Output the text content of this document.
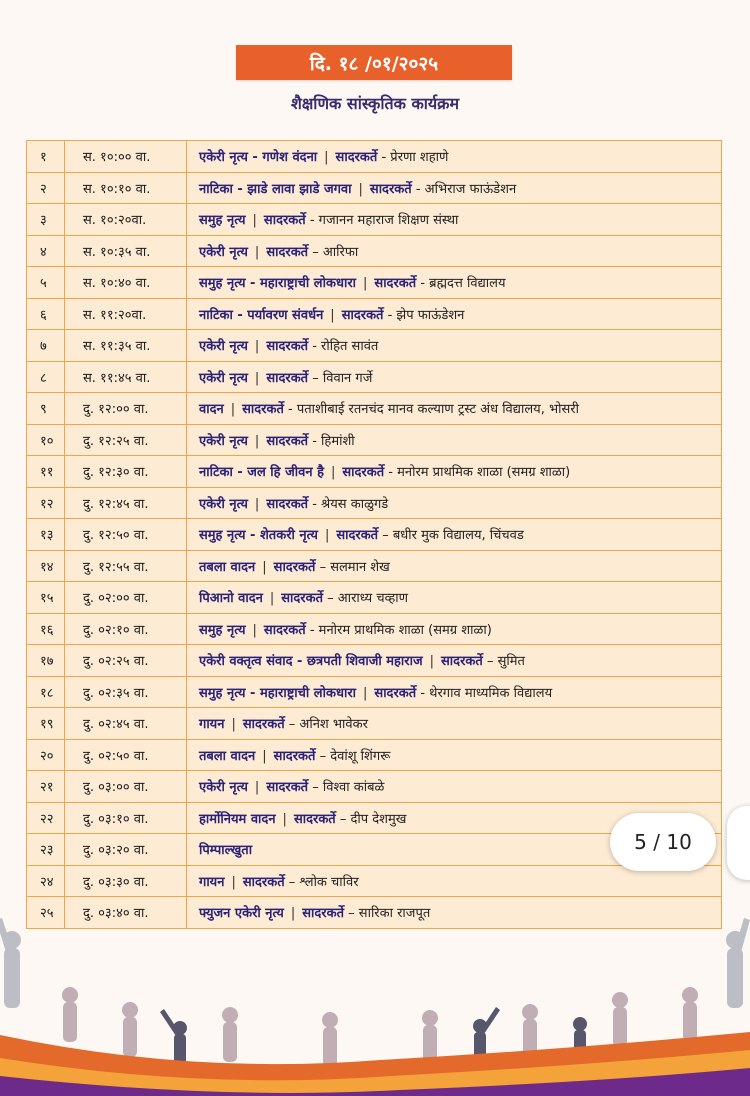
दि. १८ /०१/२०२५
शैक्षणिक सांस्कृतिक कार्यक्रम
१	स. १०:०० वा.	एकेरी नृत्य - गणेश वंदना | सादरकर्ते - प्रेरणा शहाणे
२	स. १०:१० वा.	नाटिका - झाडे लावा झाडे जगवा | सादरकर्ते - अभिराज फाऊंडेशन
३	स. १०:२०वा.	समुह नृत्य | सादरकर्ते - गजानन महाराज शिक्षण संस्था
४	स. १०:३५ वा.	एकेरी नृत्य | सादरकर्ते – आरिफा
५	स. १०:४० वा.	समुह नृत्य - महाराष्ट्राची लोकधारा | सादरकर्ते - ब्रह्मदत्त विद्यालय
६	स. ११:२०वा.	नाटिका - पर्यावरण संवर्धन | सादरकर्ते - झेप फाऊंडेशन
७	स. ११:३५ वा.	एकेरी नृत्य | सादरकर्ते - रोहित सावंत
८	स. ११:४५ वा.	एकेरी नृत्य | सादरकर्ते – विवान गर्जे
९	दु. १२:०० वा.	वादन | सादरकर्ते - पताशीबाई रतनचंद मानव कल्याण ट्रस्ट अंध विद्यालय, भोसरी
१०	दु. १२:२५ वा.	एकेरी नृत्य | सादरकर्ते - हिमांशी
११	दु. १२:३० वा.	नाटिका - जल हि जीवन है | सादरकर्ते - मनोरम प्राथमिक शाळा (समग्र शाळा)
१२	दु. १२:४५ वा.	एकेरी नृत्य | सादरकर्ते - श्रेयस काळुगडे
१३	दु. १२:५० वा.	समुह नृत्य - शेतकरी नृत्य | सादरकर्ते – बधीर मुक विद्यालय, चिंचवड
१४	दु. १२:५५ वा.	तबला वादन | सादरकर्ते – सलमान शेख
१५	दु. ०२:०० वा.	पिआनो वादन | सादरकर्ते – आराध्य चव्हाण
१६	दु. ०२:१० वा.	समुह नृत्य | सादरकर्ते - मनोरम प्राथमिक शाळा (समग्र शाळा)
१७	दु. ०२:२५ वा.	एकेरी वक्तृत्व संवाद - छत्रपती शिवाजी महाराज | सादरकर्ते – सुमित
१८	दु. ०२:३५ वा.	समुह नृत्य - महाराष्ट्राची लोकधारा | सादरकर्ते - थेरगाव माध्यमिक विद्यालय
१९	दु. ०२:४५ वा.	गायन | सादरकर्ते – अनिश भावेकर
२०	दु. ०२:५० वा.	तबला वादन | सादरकर्ते – देवांशू शिंगरू
२१	दु. ०३:०० वा.	एकेरी नृत्य | सादरकर्ते – विश्वा कांबळे
२२	दु. ०३:१० वा.	हार्मोनियम वादन | सादरकर्ते – दीप देशमुख
२३	दु. ०३:२० वा.	पिम्पाल्खुता
२४	दु. ०३:३० वा.	गायन | सादरकर्ते – श्लोक चाविर
२५	दु. ०३:४० वा.	फ्युजन एकेरी नृत्य | सादरकर्ते – सारिका राजपूत
5 / 10
